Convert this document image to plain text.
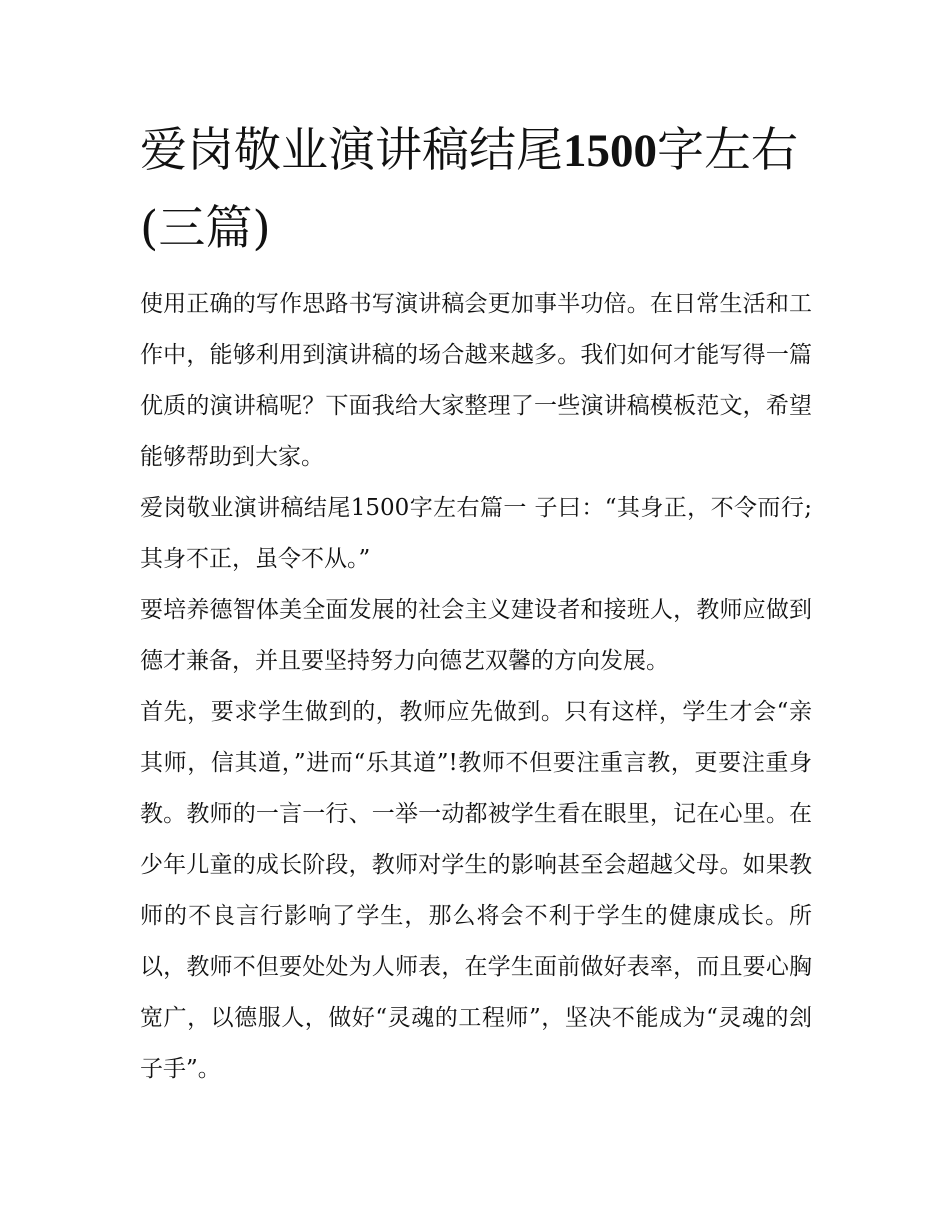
爱岗敬业演讲稿结尾1500字左右(三篇)

使用正确的写作思路书写演讲稿会更加事半功倍。在日常生活和工作中，能够利用到演讲稿的场合越来越多。我们如何才能写得一篇优质的演讲稿呢？下面我给大家整理了一些演讲稿模板范文，希望能够帮助到大家。

爱岗敬业演讲稿结尾1500字左右篇一 子曰：“其身正，不令而行;其身不正，虽令不从。”

要培养德智体美全面发展的社会主义建设者和接班人，教师应做到德才兼备，并且要坚持努力向德艺双馨的方向发展。

首先，要求学生做到的，教师应先做到。只有这样，学生才会“亲其师，信其道，”进而“乐其道”!教师不但要注重言教，更要注重身教。教师的一言一行、一举一动都被学生看在眼里，记在心里。在少年儿童的成长阶段，教师对学生的影响甚至会超越父母。如果教师的不良言行影响了学生，那么将会不利于学生的健康成长。所以，教师不但要处处为人师表，在学生面前做好表率，而且要心胸宽广，以德服人，做好“灵魂的工程师”，坚决不能成为“灵魂的刽子手”。
